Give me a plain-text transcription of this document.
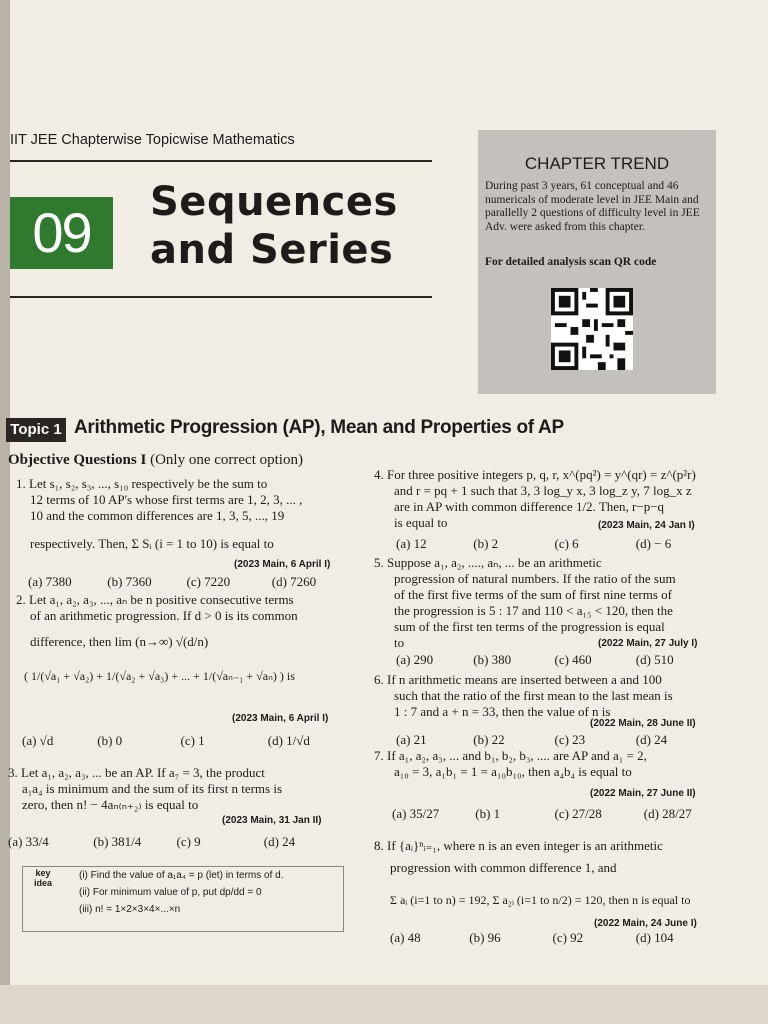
IIT JEE Chapterwise Topicwise Mathematics
09	Sequences
and Series
CHAPTER TREND
During past 3 years, 61 conceptual and 46 numericals of moderate level in JEE Main and parallelly 2 questions of difficulty level in JEE Adv. were asked from this chapter.
For detailed analysis scan QR code
Topic 1 Arithmetic Progression (AP), Mean and Properties of AP
Objective Questions I (Only one correct option)
1. Let s₁, s₂, s₃, ..., s₁₀ respectively be the sum to
12 terms of 10 AP's whose first terms are 1, 2, 3, ... ,
10 and the common differences are 1, 3, 5, ..., 19
respectively. Then, Σ Sᵢ (i = 1 to 10) is equal to
(2023 Main, 6 April I)
(a) 7380	(b) 7360	(c) 7220	(d) 7260
2. Let a₁, a₂, a₃, ..., aₙ be n positive consecutive terms
of an arithmetic progression. If d > 0 is its common
difference, then lim (n→∞) √(d/n)
( 1/(√a₁ + √a₂) + 1/(√a₂ + √a₃) + ... + 1/(√aₙ₋₁ + √aₙ) ) is
(2023 Main, 6 April I)
(a) √d	(b) 0	(c) 1	(d) 1/√d
3. Let a₁, a₂, a₃, ... be an AP. If a₇ = 3, the product
a₁a₄ is minimum and the sum of its first n terms is
zero, then n! − 4aₙ₍ₙ₊₂₎ is equal to
(2023 Main, 31 Jan II)
(a) 33/4	(b) 381/4	(c) 9	(d) 24
(i) Find the value of a₁a₄ = p (let) in terms of d.
(ii) For minimum value of p, put dp/dd = 0
(iii) n! = 1×2×3×4×...×n
key idea
4. For three positive integers p, q, r, x^(pq²) = y^(qr) = z^(p²r)
and r = pq + 1 such that 3, 3 log_y x, 3 log_z y, 7 log_x z
are in AP with common difference 1/2. Then, r−p−q
is equal to	(2023 Main, 24 Jan I)
(a) 12	(b) 2	(c) 6	(d) − 6
5. Suppose a₁, a₂, ...., aₙ, ... be an arithmetic
progression of natural numbers. If the ratio of the sum
of the first five terms of the sum of first nine terms of
the progression is 5 : 17 and 110 < a₁₅ < 120, then the
sum of the first ten terms of the progression is equal
to	(2022 Main, 27 July I)
(a) 290	(b) 380	(c) 460	(d) 510
6. If n arithmetic means are inserted between a and 100
such that the ratio of the first mean to the last mean is
1 : 7 and a + n = 33, then the value of n is
(2022 Main, 28 June II)
(a) 21	(b) 22	(c) 23	(d) 24
7. If a₁, a₂, a₃, ... and b₁, b₂, b₃, .... are AP and a₁ = 2,
a₁₀ = 3, a₁b₁ = 1 = a₁₀b₁₀, then a₄b₄ is equal to
(2022 Main, 27 June II)
(a) 35/27	(b) 1	(c) 27/28	(d) 28/27
8. If {aᵢ}ⁿᵢ₌₁, where n is an even integer is an arithmetic
progression with common difference 1, and
Σ aᵢ (i=1 to n) = 192, Σ a₂ᵢ (i=1 to n/2) = 120, then n is equal to
(2022 Main, 24 June I)
(a) 48	(b) 96	(c) 92	(d) 104
